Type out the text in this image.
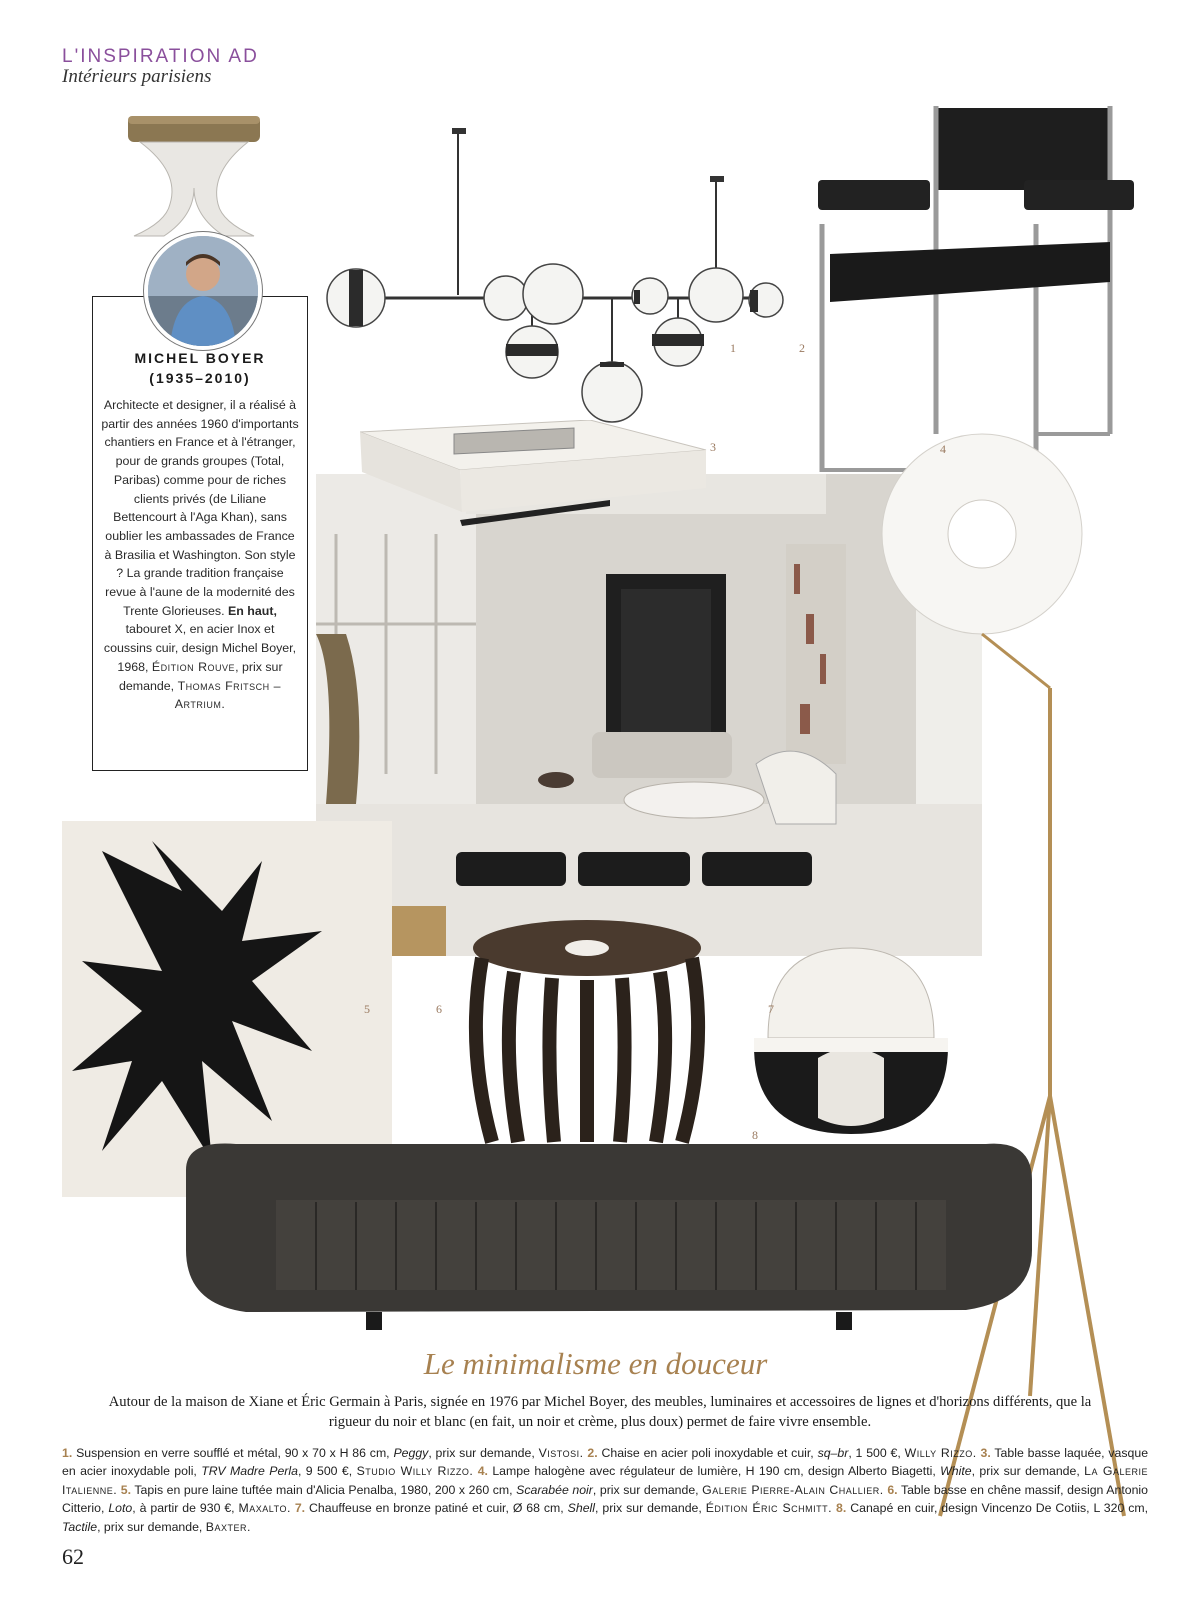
L'INSPIRATION AD
Intérieurs parisiens
MICHEL BOYER
(1935–2010)
Architecte et designer, il a réalisé à partir des années 1960 d'importants chantiers en France et à l'étranger, pour de grands groupes (Total, Paribas) comme pour de riches clients privés (de Liliane Bettencourt à l'Aga Khan), sans oublier les ambassades de France à Brasilia et Washington. Son style ? La grande tradition française revue à l'aune de la modernité des Trente Glorieuses. En haut, tabouret X, en acier Inox et coussins cuir, design Michel Boyer, 1968, Édition Rouve, prix sur demande, Thomas Fritsch – Artrium.
1	2
3	4
5	6	7
8
Le minimalisme en douceur
Autour de la maison de Xiane et Éric Germain à Paris, signée en 1976 par Michel Boyer, des meubles, luminaires et accessoires de lignes et d'horizons différents, que la rigueur du noir et blanc (en fait, un noir et crème, plus doux) permet de faire vivre ensemble.
1. Suspension en verre soufflé et métal, 90 x 70 x H 86 cm, Peggy, prix sur demande, Vistosi. 2. Chaise en acier poli inoxydable et cuir, sq–br, 1 500 €, Willy Rizzo. 3. Table basse laquée, vasque en acier inoxydable poli, TRV Madre Perla, 9 500 €, Studio Willy Rizzo. 4. Lampe halogène avec régulateur de lumière, H 190 cm, design Alberto Biagetti, White, prix sur demande, La Galerie Italienne. 5. Tapis en pure laine tuftée main d'Alicia Penalba, 1980, 200 x 260 cm, Scarabée noir, prix sur demande, Galerie Pierre-Alain Challier. 6. Table basse en chêne massif, design Antonio Citterio, Loto, à partir de 930 €, Maxalto. 7. Chauffeuse en bronze patiné et cuir, Ø 68 cm, Shell, prix sur demande, Édition Éric Schmitt. 8. Canapé en cuir, design Vincenzo De Cotiis, L 320 cm, Tactile, prix sur demande, Baxter.
62
